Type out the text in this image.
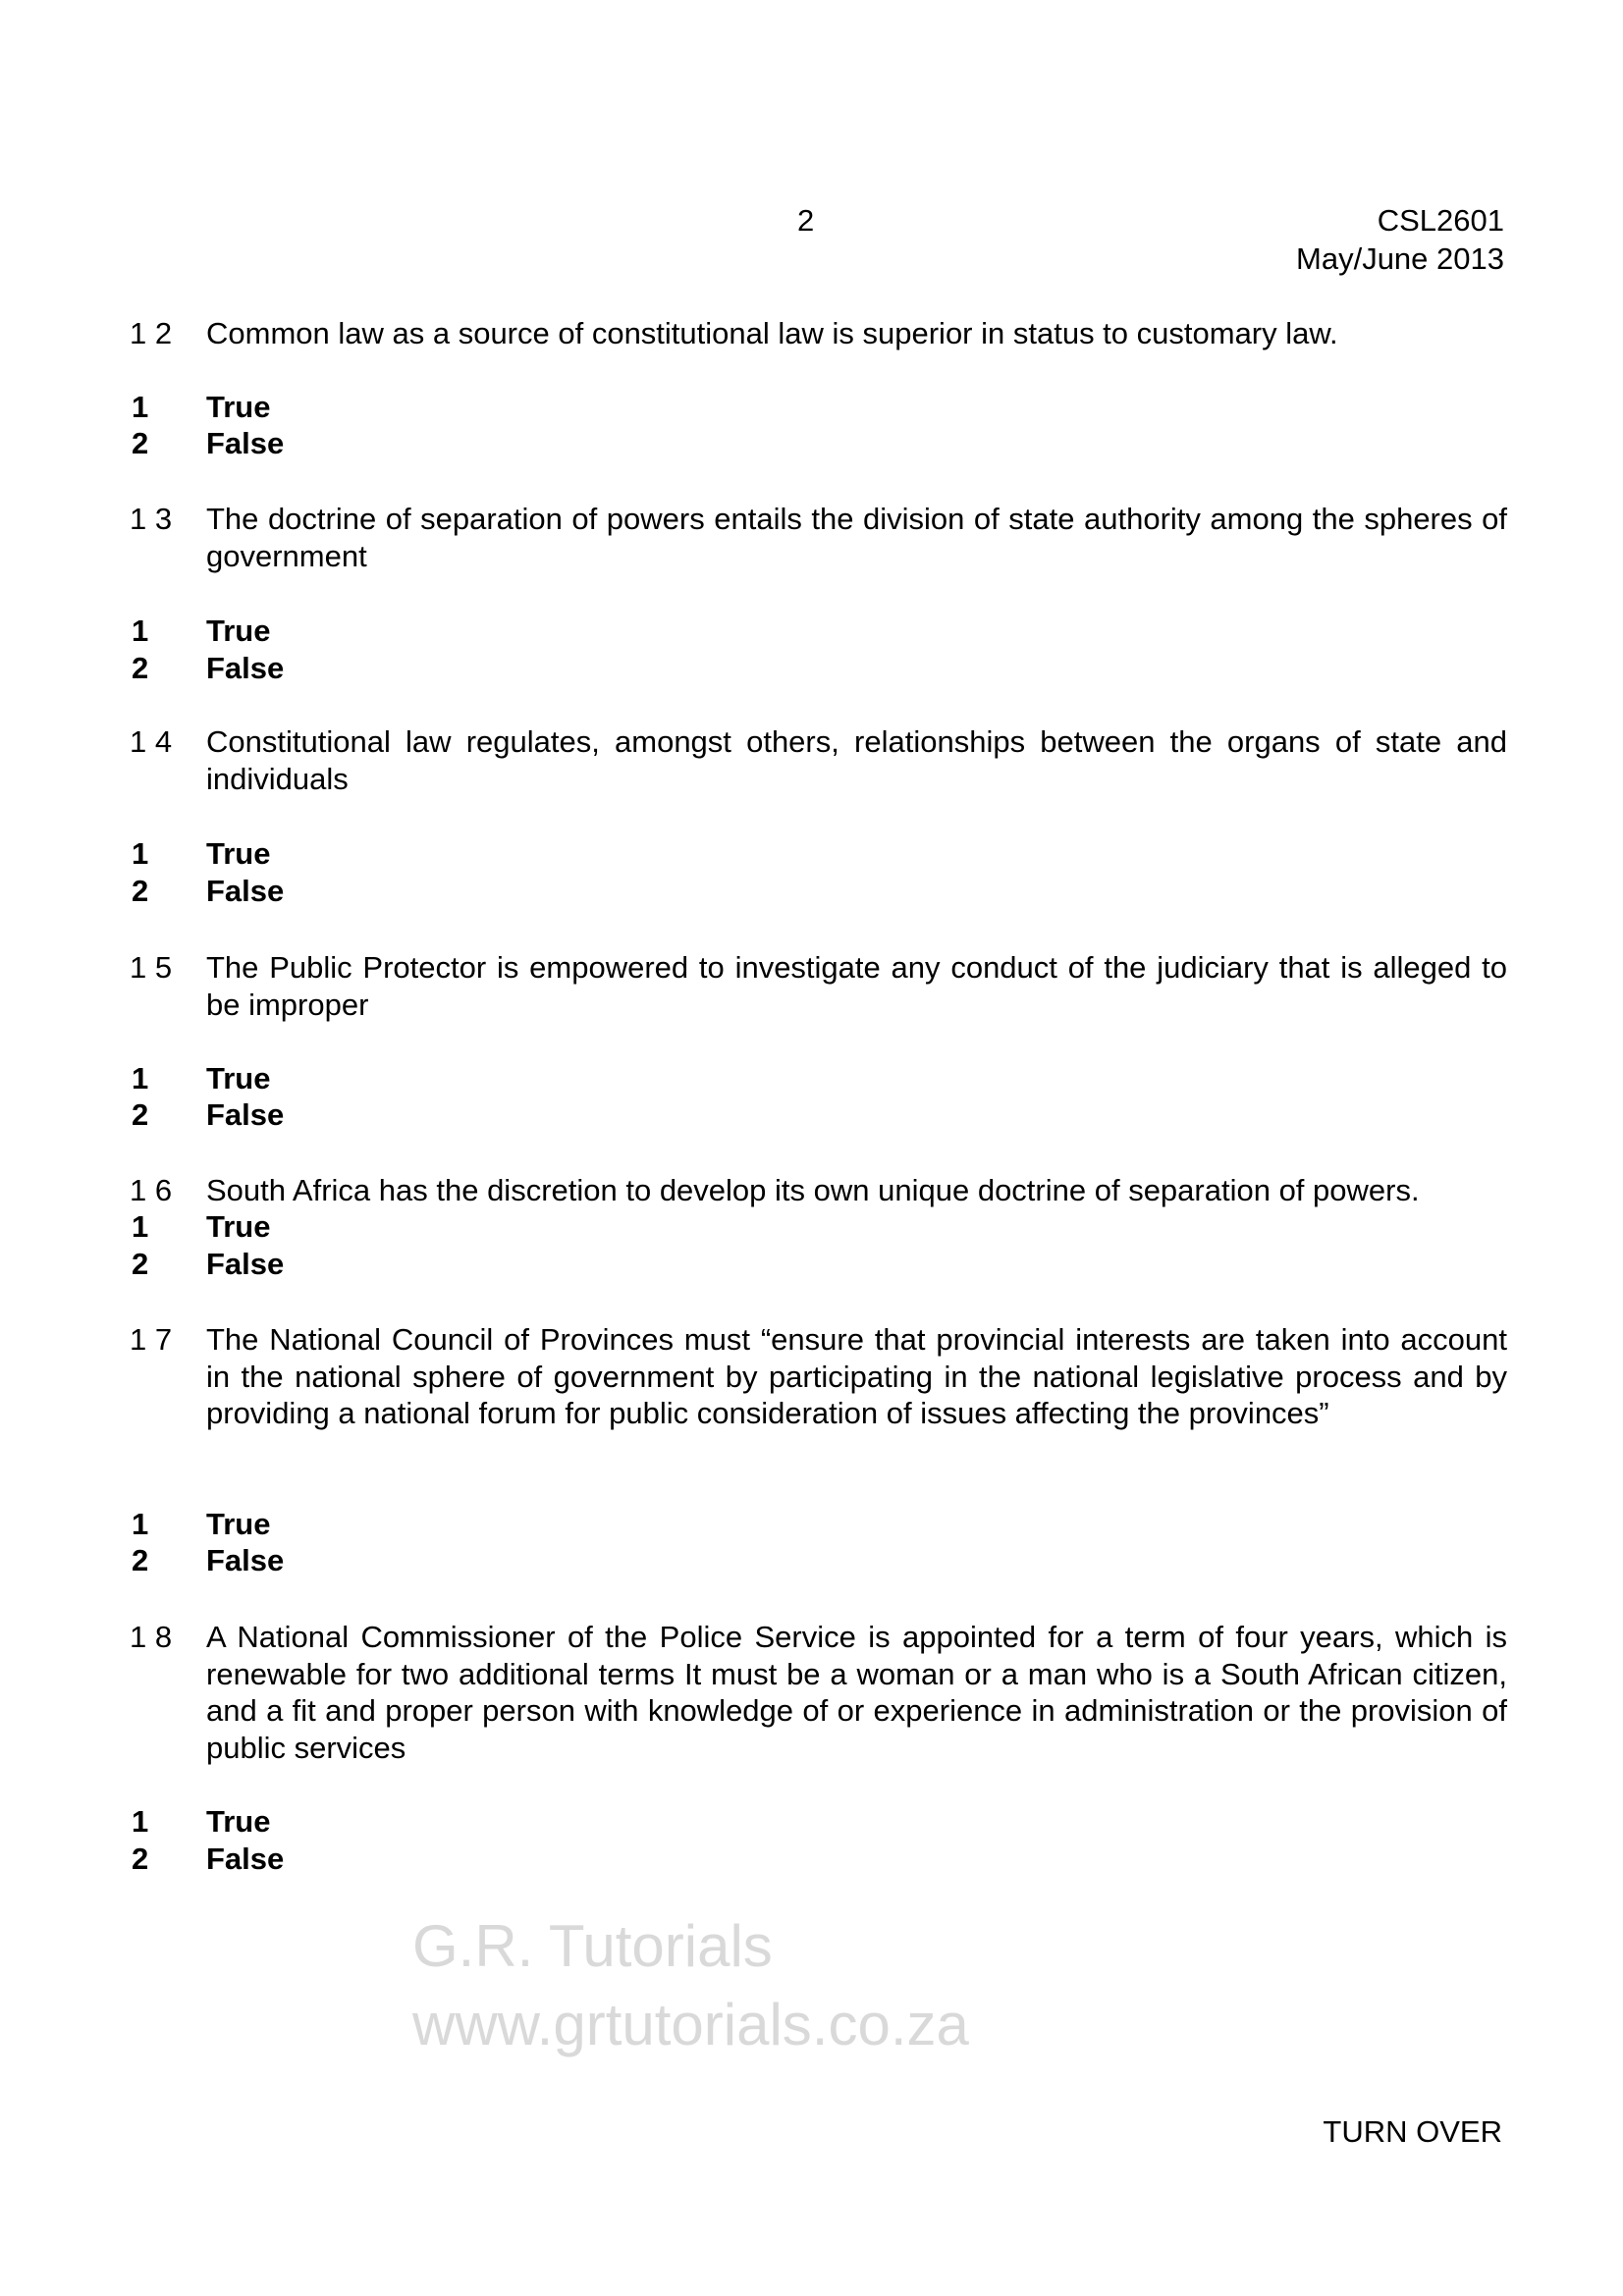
G.R. Tutorials
www.grtutorials.co.za
2	CSL2601
May/June 2013
1 2	Common law as a source of constitutional law is superior in status to customary law.
1 True
2 False
1 3	The doctrine of separation of powers entails the division of state authority among the spheres of government
1 True
2 False
1 4	Constitutional law regulates, amongst others, relationships between the organs of state and individuals
1 True
2 False
1 5	The Public Protector is empowered to investigate any conduct of the judiciary that is alleged to be improper
1 True
2 False
1 6	South Africa has the discretion to develop its own unique doctrine of separation of powers.
1 True
2 False
1 7	The National Council of Provinces must “ensure that provincial interests are taken into account in the national sphere of government by participating in the national legislative process and by providing a national forum for public consideration of issues affecting the provinces”
1 True
2 False
1 8	A National Commissioner of the Police Service is appointed for a term of four years, which is renewable for two additional terms It must be a woman or a man who is a South African citizen, and a fit and proper person with knowledge of or experience in administration or the provision of public services
1 True
2 False
TURN OVER
